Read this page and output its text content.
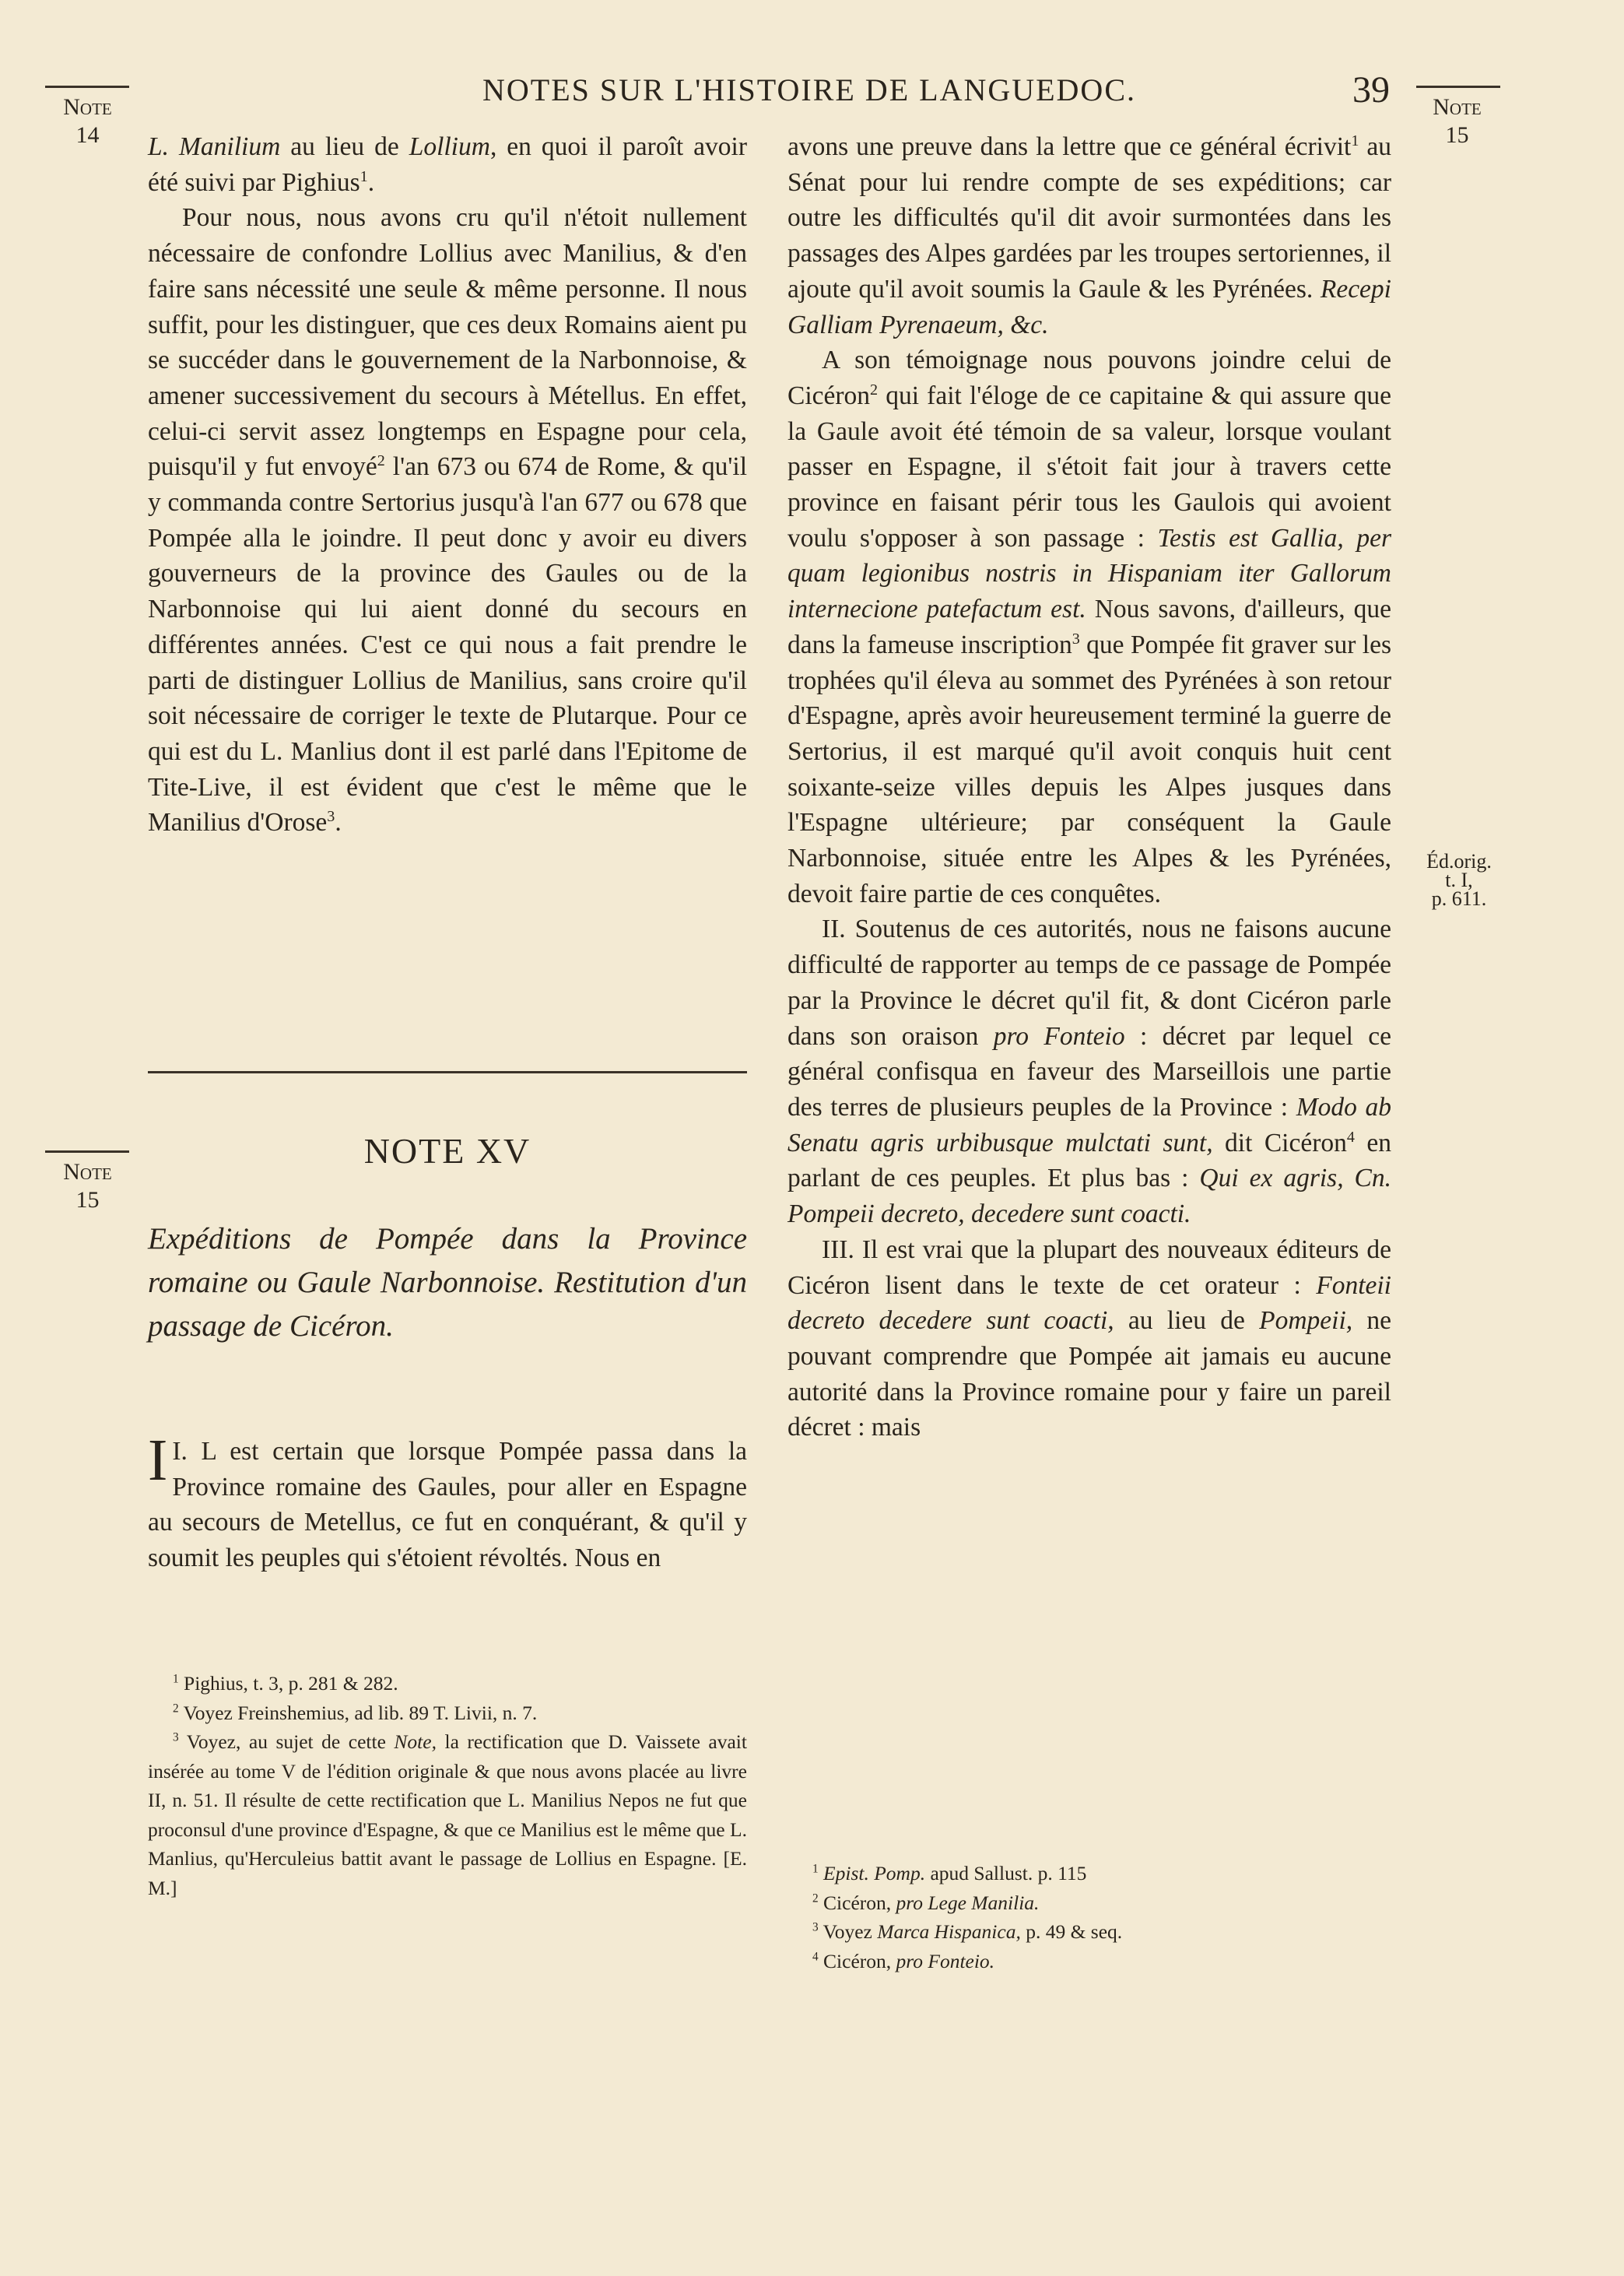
Note
14
Note
15
Note
15
Éd.orig.
t. I,
p. 611.
NOTES SUR L'HISTOIRE DE LANGUEDOC.	39

L. Manilium au lieu de Lollium, en quoi il paroît avoir été suivi par Pighius$^1$.

Pour nous, nous avons cru qu'il n'étoit nullement nécessaire de confondre Lollius avec Manilius, & d'en faire sans nécessité une seule & même personne. Il nous suffit, pour les distinguer, que ces deux Romains aient pu se succéder dans le gouvernement de la Narbonnoise, & amener successivement du secours à Métellus. En effet, celui-ci servit assez longtemps en Espagne pour cela, puisqu'il y fut envoyé$^2$ l'an 673 ou 674 de Rome, & qu'il y commanda contre Sertorius jusqu'à l'an 677 ou 678 que Pompée alla le joindre. Il peut donc y avoir eu divers gouverneurs de la province des Gaules ou de la Narbonnoise qui lui aient donné du secours en différentes années. C'est ce qui nous a fait prendre le parti de distinguer Lollius de Manilius, sans croire qu'il soit nécessaire de corriger le texte de Plutarque. Pour ce qui est du L. Manlius dont il est parlé dans l'Epitome de Tite-Live, il est évident que c'est le même que le Manilius d'Orose$^3$.

NOTE XV
Expéditions de Pompée dans la Province romaine ou Gaule Narbonnoise. Restitution d'un passage de Cicéron.

I.
I L est certain que lorsque Pompée passa dans la Province romaine des Gaules, pour aller en Espagne au secours de Metellus, ce fut en conquérant, & qu'il y soumit les peuples qui s'étoient révoltés. Nous en

$^1$ Pighius, t. 3, p. 281 & 282.

$^2$ Voyez Freinshemius, ad lib. 89 T. Livii, n. 7.

$^3$ Voyez, au sujet de cette Note, la rectification que D. Vaissete avait insérée au tome V de l'édition originale & que nous avons placée au livre II, n. 51. Il résulte de cette rectification que L. Manilius Nepos ne fut que proconsul d'une province d'Espagne, & que ce Manilius est le même que L. Manlius, qu'Herculeius battit avant le passage de Lollius en Espagne. [E. M.]

avons une preuve dans la lettre que ce général écrivit$^1$ au Sénat pour lui rendre compte de ses expéditions; car outre les difficultés qu'il dit avoir surmontées dans les passages des Alpes gardées par les troupes sertoriennes, il ajoute qu'il avoit soumis la Gaule & les Pyrénées. Recepi Galliam Pyrenaeum, &c.

A son témoignage nous pouvons joindre celui de Cicéron$^2$ qui fait l'éloge de ce capitaine & qui assure que la Gaule avoit été témoin de sa valeur, lorsque voulant passer en Espagne, il s'étoit fait jour à travers cette province en faisant périr tous les Gaulois qui avoient voulu s'opposer à son passage : Testis est Gallia, per quam legionibus nostris in Hispaniam iter Gallorum internecione patefactum est. Nous savons, d'ailleurs, que dans la fameuse inscription$^3$ que Pompée fit graver sur les trophées qu'il éleva au sommet des Pyrénées à son retour d'Espagne, après avoir heureusement terminé la guerre de Sertorius, il est marqué qu'il avoit conquis huit cent soixante-seize villes depuis les Alpes jusques dans l'Espagne ultérieure; par conséquent la Gaule Narbonnoise, située entre les Alpes & les Pyrénées, devoit faire partie de ces conquêtes.

II. Soutenus de ces autorités, nous ne faisons aucune difficulté de rapporter au temps de ce passage de Pompée par la Province le décret qu'il fit, & dont Cicéron parle dans son oraison pro Fonteio : décret par lequel ce général confisqua en faveur des Marseillois une partie des terres de plusieurs peuples de la Province : Modo ab Senatu agris urbibusque mulctati sunt, dit Cicéron$^4$ en parlant de ces peuples. Et plus bas : Qui ex agris, Cn. Pompeii decreto, decedere sunt coacti.

III. Il est vrai que la plupart des nouveaux éditeurs de Cicéron lisent dans le texte de cet orateur : Fonteii decreto decedere sunt coacti, au lieu de Pompeii, ne pouvant comprendre que Pompée ait jamais eu aucune autorité dans la Province romaine pour y faire un pareil décret : mais

$^1$ Epist. Pomp. apud Sallust. p. 115

$^2$ Cicéron, pro Lege Manilia.

$^3$ Voyez Marca Hispanica, p. 49 & seq.

$^4$ Cicéron, pro Fonteio.
